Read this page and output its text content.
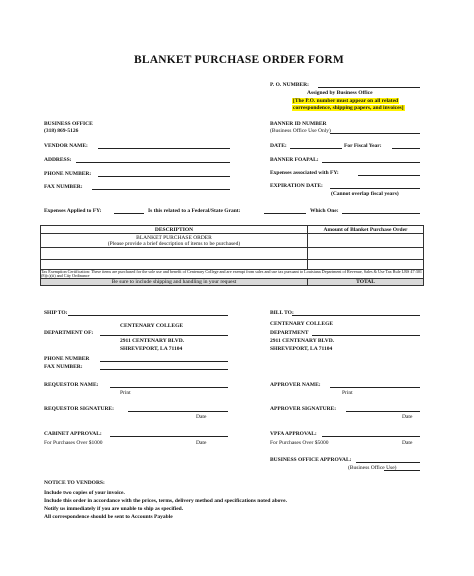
BLANKET PURCHASE ORDER FORM
P. O. NUMBER:
Assigned by Business Office
[The P.O. number must appear on all related
correspondence, shipping papers, and invoices]
BUSINESS OFFICE
(318) 869-5126
BANNER ID NUMBER
(Business Office Use Only)
VENDOR NAME:
ADDRESS:
PHONE NUMBER:
FAX NUMBER:
DATE:	For Fiscal Year:
BANNER FOAPAL:
Expenses associated with FY:
EXPIRATION DATE:
(Cannot overlap fiscal years)
Expenses Applied to FY:	Is this related to a Federal/State Grant:	Which One:
DESCRIPTION	Amount of Blanket Purchase Order

BLANKET PURCHASE ORDER
(Please provide a brief description of items to be purchased)	

Tax Exemption Certification: These items are purchased for the sole use and benefit of Centenary College and are exempt from sales and use tax pursuant to Louisiana Department of Revenue, Sales & Use Tax Rule LRS 47:301 (8)(c)(ii) and City Ordinance	
Be sure to include shipping and handling in your request	TOTAL
SHIP TO:
DEPARTMENT OF:
CENTENARY COLLEGE
2911 CENTENARY BLVD.
SHREVEPORT, LA 71104
PHONE NUMBER
FAX NUMBER:
BILL TO:
CENTENARY COLLEGE
DEPARTMENT
2911 CENTENARY BLVD.
SHREVEPORT, LA 71104
REQUESTOR NAME:
Print
REQUESTOR SIGNATURE:
Date
CABINET APPROVAL:
For Purchases Over $1000	Date
APPROVER NAME:
Print
APPROVER SIGNATURE:
Date
VPFA APPROVAL:
For Purchases Over $5000	Date
BUSINESS OFFICE APPROVAL:
(Business Office Use)
NOTICE TO VENDORS:
Include two copies of your invoice.
Include this order in accordance with the prices, terms, delivery method and specifications noted above.
Notify us immediately if you are unable to ship as specified.
All correspondence should be sent to Accounts Payable
